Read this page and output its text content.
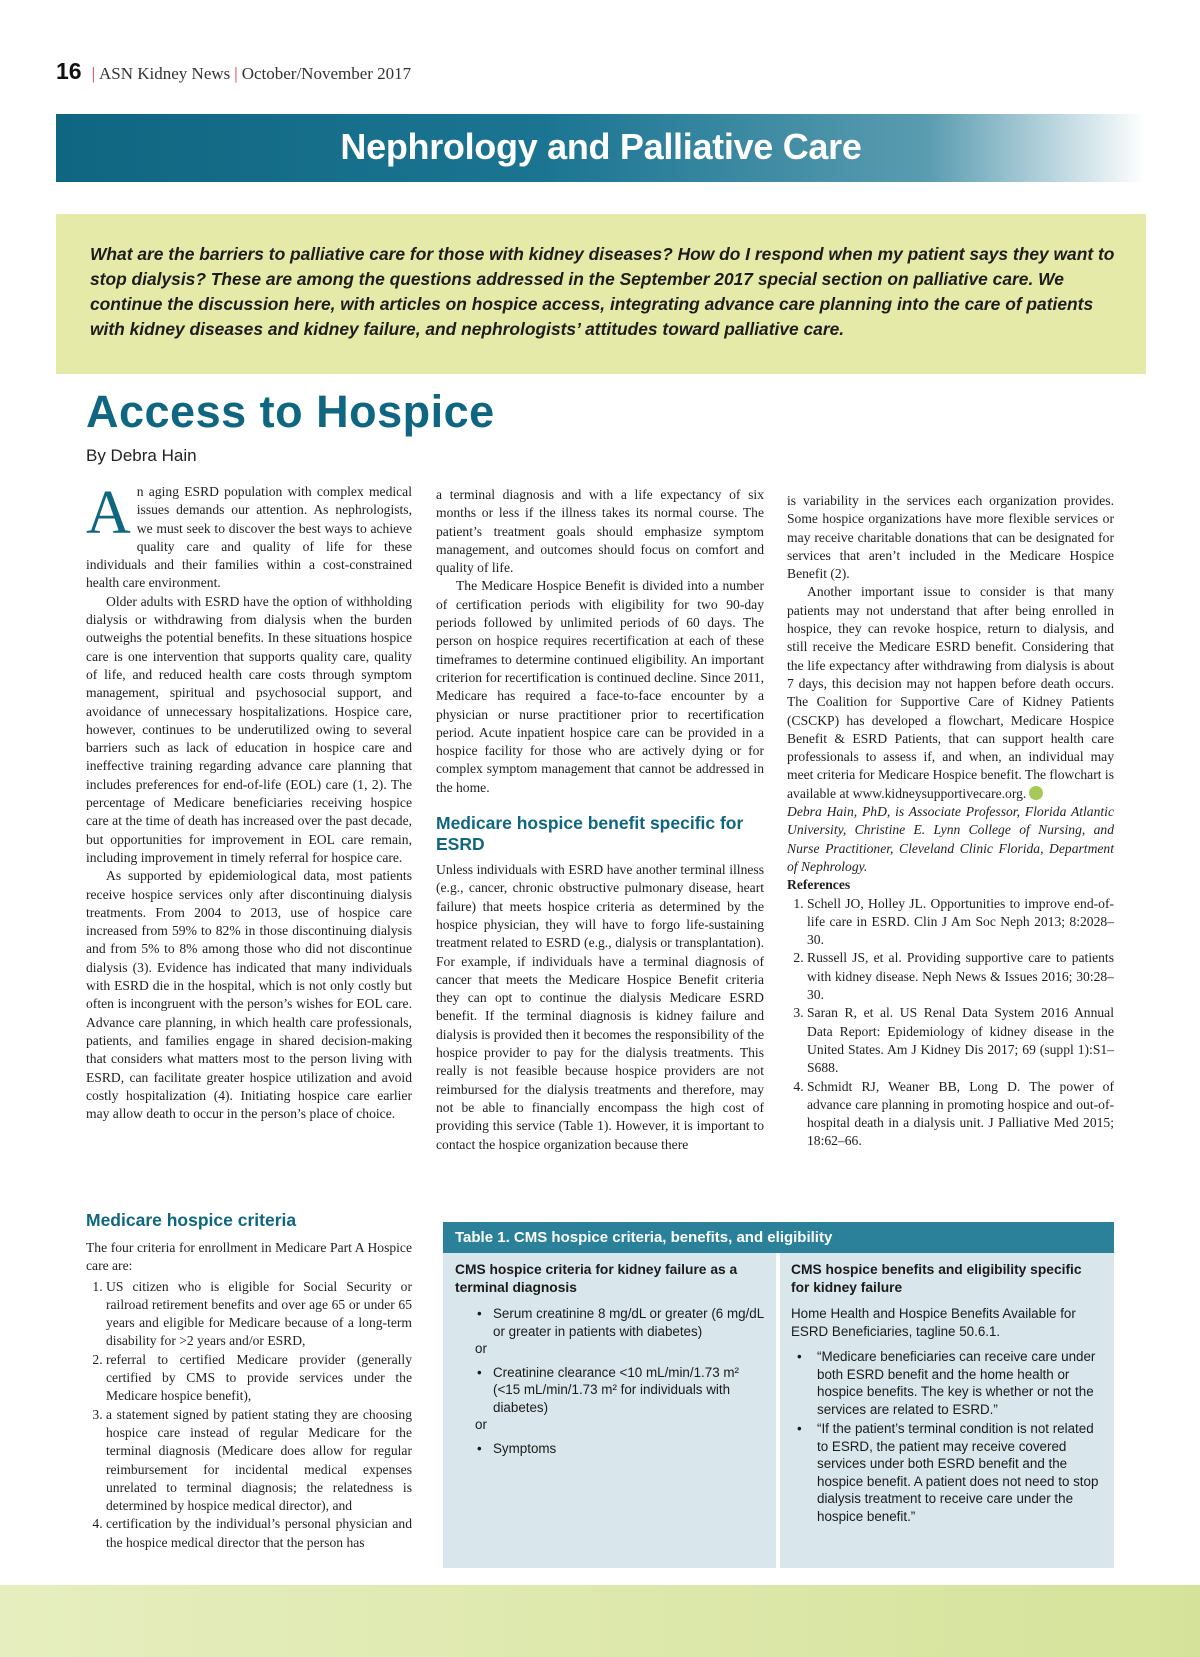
16 | ASN Kidney News | October/November 2017
Nephrology and Palliative Care

What are the barriers to palliative care for those with kidney diseases? How do I respond when my patient says they want to stop dialysis? These are among the questions addressed in the September 2017 special section on palliative care. We continue the discussion here, with articles on hospice access, integrating advance care planning into the care of patients with kidney diseases and kidney failure, and nephrologists’ attitudes toward palliative care.

Access to Hospice
By Debra Hain

An aging ESRD population with complex medical issues demands our attention. As nephrologists, we must seek to discover the best ways to achieve quality care and quality of life for these individuals and their families within a cost-constrained health care environment.

Older adults with ESRD have the option of withholding dialysis or withdrawing from dialysis when the burden outweighs the potential benefits. In these situations hospice care is one intervention that supports quality care, quality of life, and reduced health care costs through symptom management, spiritual and psychosocial support, and avoidance of unnecessary hospitalizations. Hospice care, however, continues to be underutilized owing to several barriers such as lack of education in hospice care and ineffective training regarding advance care planning that includes preferences for end-of-life (EOL) care (1, 2). The percentage of Medicare beneficiaries receiving hospice care at the time of death has increased over the past decade, but opportunities for improvement in EOL care remain, including improvement in timely referral for hospice care.

As supported by epidemiological data, most patients receive hospice services only after discontinuing dialysis treatments. From 2004 to 2013, use of hospice care increased from 59% to 82% in those discontinuing dialysis and from 5% to 8% among those who did not discontinue dialysis (3). Evidence has indicated that many individuals with ESRD die in the hospital, which is not only costly but often is incongruent with the person’s wishes for EOL care. Advance care planning, in which health care professionals, patients, and families engage in shared decision-making that considers what matters most to the person living with ESRD, can facilitate greater hospice utilization and avoid costly hospitalization (4). Initiating hospice care earlier may allow death to occur in the person’s place of choice.

Medicare hospice criteria

The four criteria for enrollment in Medicare Part A Hospice care are:

1. US citizen who is eligible for Social Security or railroad retirement benefits and over age 65 or under 65 years and eligible for Medicare because of a long-term disability for >2 years and/or ESRD,
2. referral to certified Medicare provider (generally certified by CMS to provide services under the Medicare hospice benefit),
3. a statement signed by patient stating they are choosing hospice care instead of regular Medicare for the terminal diagnosis (Medicare does allow for regular reimbursement for incidental medical expenses unrelated to terminal diagnosis; the relatedness is determined by hospice medical director), and
4. certification by the individual’s personal physician and the hospice medical director that the person has

a terminal diagnosis and with a life expectancy of six months or less if the illness takes its normal course. The patient’s treatment goals should emphasize symptom management, and outcomes should focus on comfort and quality of life.

The Medicare Hospice Benefit is divided into a number of certification periods with eligibility for two 90-day periods followed by unlimited periods of 60 days. The person on hospice requires recertification at each of these timeframes to determine continued eligibility. An important criterion for recertification is continued decline. Since 2011, Medicare has required a face-to-face encounter by a physician or nurse practitioner prior to recertification period. Acute inpatient hospice care can be provided in a hospice facility for those who are actively dying or for complex symptom management that cannot be addressed in the home.

Medicare hospice benefit specific for ESRD

Unless individuals with ESRD have another terminal illness (e.g., cancer, chronic obstructive pulmonary disease, heart failure) that meets hospice criteria as determined by the hospice physician, they will have to forgo life-sustaining treatment related to ESRD (e.g., dialysis or transplantation). For example, if individuals have a terminal diagnosis of cancer that meets the Medicare Hospice Benefit criteria they can opt to continue the dialysis Medicare ESRD benefit. If the terminal diagnosis is kidney failure and dialysis is provided then it becomes the responsibility of the hospice provider to pay for the dialysis treatments. This really is not feasible because hospice providers are not reimbursed for the dialysis treatments and therefore, may not be able to financially encompass the high cost of providing this service (Table 1). However, it is important to contact the hospice organization because there

is variability in the services each organization provides. Some hospice organizations have more flexible services or may receive charitable donations that can be designated for services that aren’t included in the Medicare Hospice Benefit (2).

Another important issue to consider is that many patients may not understand that after being enrolled in hospice, they can revoke hospice, return to dialysis, and still receive the Medicare ESRD benefit. Considering that the life expectancy after withdrawing from dialysis is about 7 days, this decision may not happen before death occurs. The Coalition for Supportive Care of Kidney Patients (CSCKP) has developed a flowchart, Medicare Hospice Benefit & ESRD Patients, that can support health care professionals to assess if, and when, an individual may meet criteria for Medicare Hospice benefit. The flowchart is available at www.kidneysupportivecare.org.

Debra Hain, PhD, is Associate Professor, Florida Atlantic University, Christine E. Lynn College of Nursing, and Nurse Practitioner, Cleveland Clinic Florida, Department of Nephrology.

References

1. Schell JO, Holley JL. Opportunities to improve end-of-life care in ESRD. Clin J Am Soc Neph 2013; 8:2028–30.
2. Russell JS, et al. Providing supportive care to patients with kidney disease. Neph News & Issues 2016; 30:28–30.
3. Saran R, et al. US Renal Data System 2016 Annual Data Report: Epidemiology of kidney disease in the United States. Am J Kidney Dis 2017; 69 (suppl 1):S1–S688.
4. Schmidt RJ, Weaner BB, Long D. The power of advance care planning in promoting hospice and out-of-hospital death in a dialysis unit. J Palliative Med 2015; 18:62–66.
Table 1. CMS hospice criteria, benefits, and eligibility
CMS hospice criteria for kidney failure as a terminal diagnosis
• Serum creatinine 8 mg/dL or greater (6 mg/dL or greater in patients with diabetes)

or

• Creatinine clearance <10 mL/min/1.73 m² (<15 mL/min/1.73 m² for individuals with diabetes)

or

• Symptoms
CMS hospice benefits and eligibility specific for kidney failure

Home Health and Hospice Benefits Available for ESRD Beneficiaries, tagline 50.6.1.

• “Medicare beneficiaries can receive care under both ESRD benefit and the home health or hospice benefits. The key is whether or not the services are related to ESRD.”
• “If the patient’s terminal condition is not related to ESRD, the patient may receive covered services under both ESRD benefit and the hospice benefit. A patient does not need to stop dialysis treatment to receive care under the hospice benefit.”
